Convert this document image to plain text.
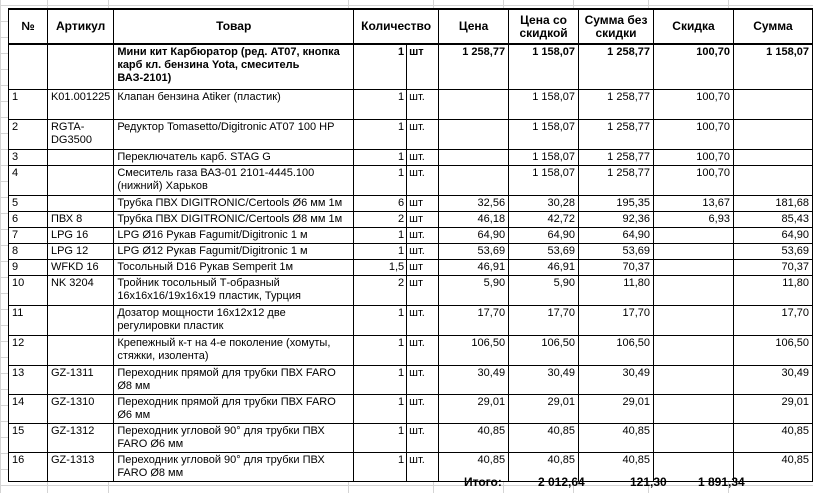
№	Артикул	Товар	Количество		Цена	Цена со скидкой	Сумма без скидки	Скидка	Сумма
		Мини кит Карбюратор (ред. AT07, кнопка карб кл. бензина Yota, смеситель ВАЗ-2101)	1	шт	1 258,77	1 158,07	1 258,77	100,70	1 158,07
1	K01.001225	Клапан бензина Atiker (пластик)	1	шт.		1 158,07	1 258,77	100,70	
2	RGTA-DG3500	Редуктор Tomasetto/Digitronic AT07 100 HP	1	шт.		1 158,07	1 258,77	100,70	
3		Переключатель карб. STAG G	1	шт.		1 158,07	1 258,77	100,70	
4		Смеситель газа ВАЗ-01 2101-4445.100 (нижний) Харьков	1	шт.		1 158,07	1 258,77	100,70	
5		Трубка ПВХ DIGITRONIC/Certools Ø6 мм 1м	6	шт	32,56	30,28	195,35	13,67	181,68
6	ПВХ 8	Трубка ПВХ DIGITRONIC/Certools Ø8 мм 1м	2	шт	46,18	42,72	92,36	6,93	85,43
7	LPG 16	LPG Ø16 Рукав Fagumit/Digitronic 1 м	1	шт.	64,90	64,90	64,90		64,90
8	LPG 12	LPG Ø12 Рукав Fagumit/Digitronic 1 м	1	шт.	53,69	53,69	53,69		53,69
9	WFKD 16	Тосольный D16 Рукав Semperit 1м	1,5	шт	46,91	46,91	70,37		70,37
10	NK 3204	Тройник тосольный Т-образный 16x16x16/19x16x19 пластик, Турция	2	шт	5,90	5,90	11,80		11,80
11		Дозатор мощности 16x12x12 две регулировки пластик	1	шт.	17,70	17,70	17,70		17,70
12		Крепежный к-т на 4-е поколение (хомуты, стяжки, изолента)	1	шт.	106,50	106,50	106,50		106,50
13	GZ-1311	Переходник прямой для трубки ПВХ FARO Ø8 мм	1	шт.	30,49	30,49	30,49		30,49
14	GZ-1310	Переходник прямой для трубки ПВХ FARO Ø6 мм	1	шт.	29,01	29,01	29,01		29,01
15	GZ-1312	Переходник угловой 90° для трубки ПВХ FARO Ø6 мм	1	шт.	40,85	40,85	40,85		40,85
16	GZ-1313	Переходник угловой 90° для трубки ПВХ FARO Ø8 мм	1	шт.	40,85	40,85	40,85		40,85
Итого:	2 012,64	121,30	1 891,34
